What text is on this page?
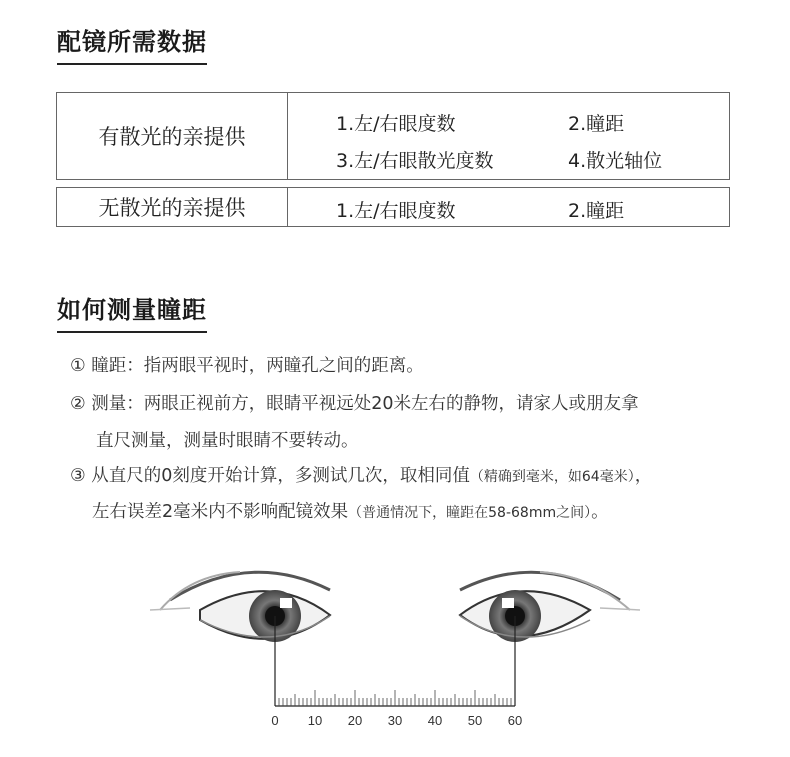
配镜所需数据
有散光的亲提供
1.左/右眼度数	2.瞳距
3.左/右眼散光度数	4.散光轴位
无散光的亲提供	1.左/右眼度数	2.瞳距
如何测量瞳距
① 瞳距：指两眼平视时，两瞳孔之间的距离。
② 测量：两眼正视前方，眼睛平视远处20米左右的静物，请家人或朋友拿
直尺测量，测量时眼睛不要转动。
③ 从直尺的0刻度开始计算，多测试几次，取相同值（精确到毫米，如64毫米），
左右误差2毫米内不影响配镜效果（普通情况下，瞳距在58-68mm之间）。
0 10 20 30 40 50 60
